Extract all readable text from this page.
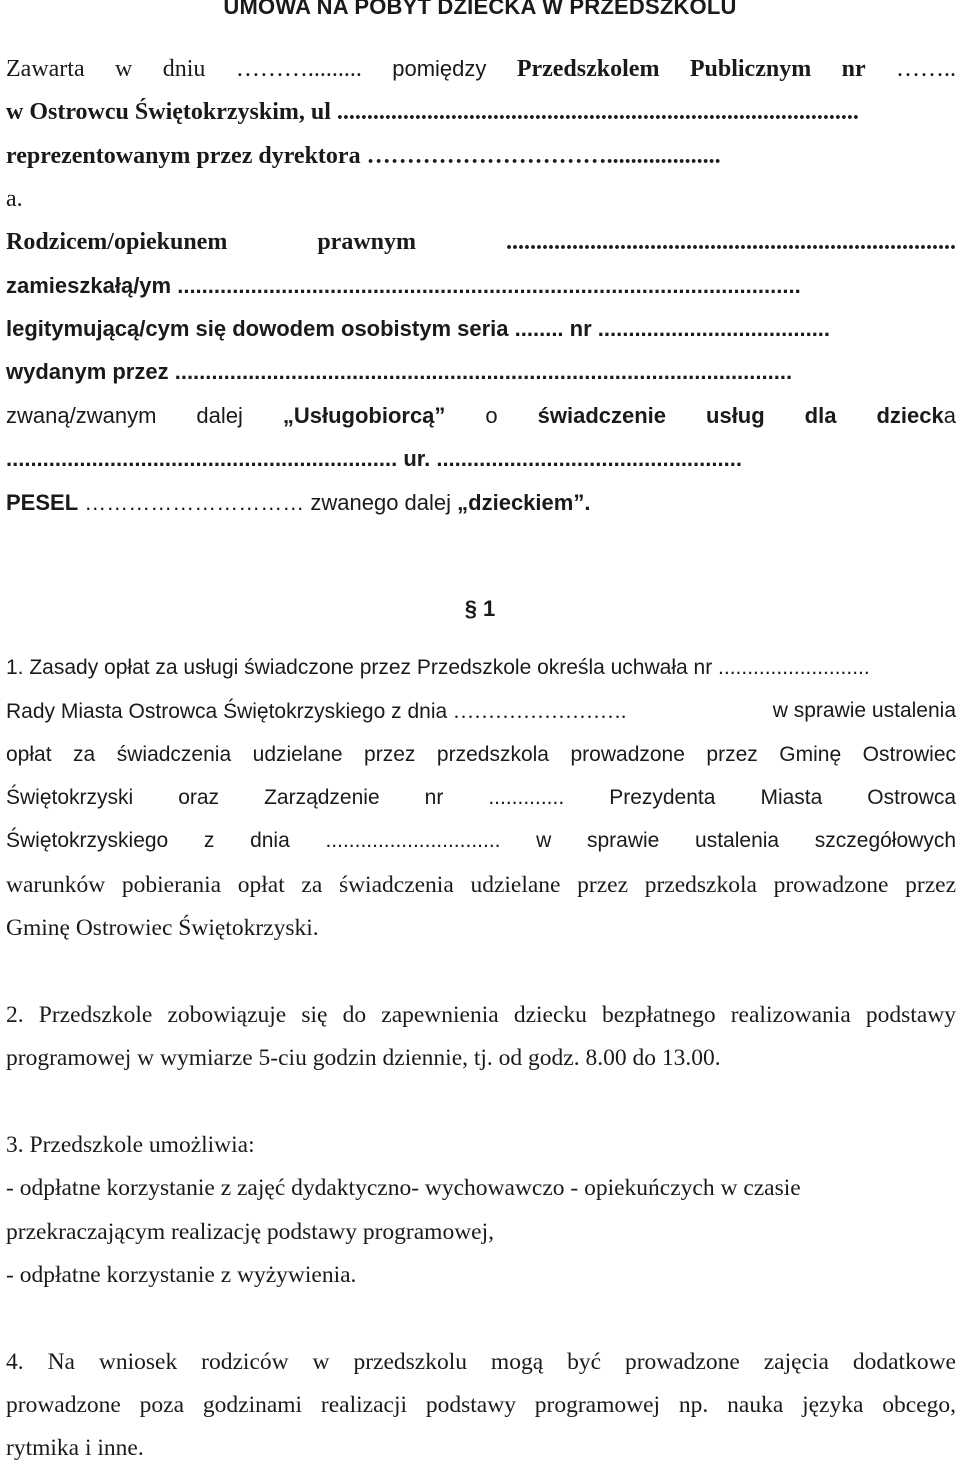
UMOWA NA POBYT DZIECKA W PRZEDSZKOLU
Zawarta w dniu ………......... pomiędzy Przedszkolem Publicznym nr ……..
w Ostrowcu Świętokrzyskim, ul .......................................................................................
reprezentowanym przez dyrektora …………………………...................
a.
Rodzicem/opiekunem	prawnym	...........................................................................
zamieszkałą/ym ......................................................................................................
legitymującą/cym się dowodem osobistym seria ........ nr ......................................
wydanym przez .....................................................................................................
zwaną/zwanym dalej „Usługobiorcą” o świadczenie usług dla dziecka
................................................................ ur. ..................................................
PESEL ………………………… zwanego dalej „dzieckiem”.
§ 1
1. Zasady opłat za usługi świadczone przez Przedszkole określa uchwała nr ..........................
Rady Miasta Ostrowca Świętokrzyskiego z dnia …………………….	w sprawie ustalenia
opłat za świadczenia udzielane przez przedszkola prowadzone przez Gminę Ostrowiec
Świętokrzyski oraz Zarządzenie nr ............. Prezydenta Miasta Ostrowca
Świętokrzyskiego z dnia .............................. w sprawie ustalenia szczegółowych
warunków pobierania opłat za świadczenia udzielane przez przedszkola prowadzone przez
Gminę Ostrowiec Świętokrzyski.
2. Przedszkole zobowiązuje się do zapewnienia dziecku bezpłatnego realizowania podstawy
programowej w wymiarze 5-ciu godzin dziennie, tj. od godz. 8.00 do 13.00.
3. Przedszkole umożliwia:
- odpłatne korzystanie z zajęć dydaktyczno- wychowawczo - opiekuńczych w czasie
przekraczającym realizację podstawy programowej,
- odpłatne korzystanie z wyżywienia.
4. Na wniosek rodziców w przedszkolu mogą być prowadzone zajęcia dodatkowe
prowadzone poza godzinami realizacji podstawy programowej np. nauka języka obcego,
rytmika i inne.
